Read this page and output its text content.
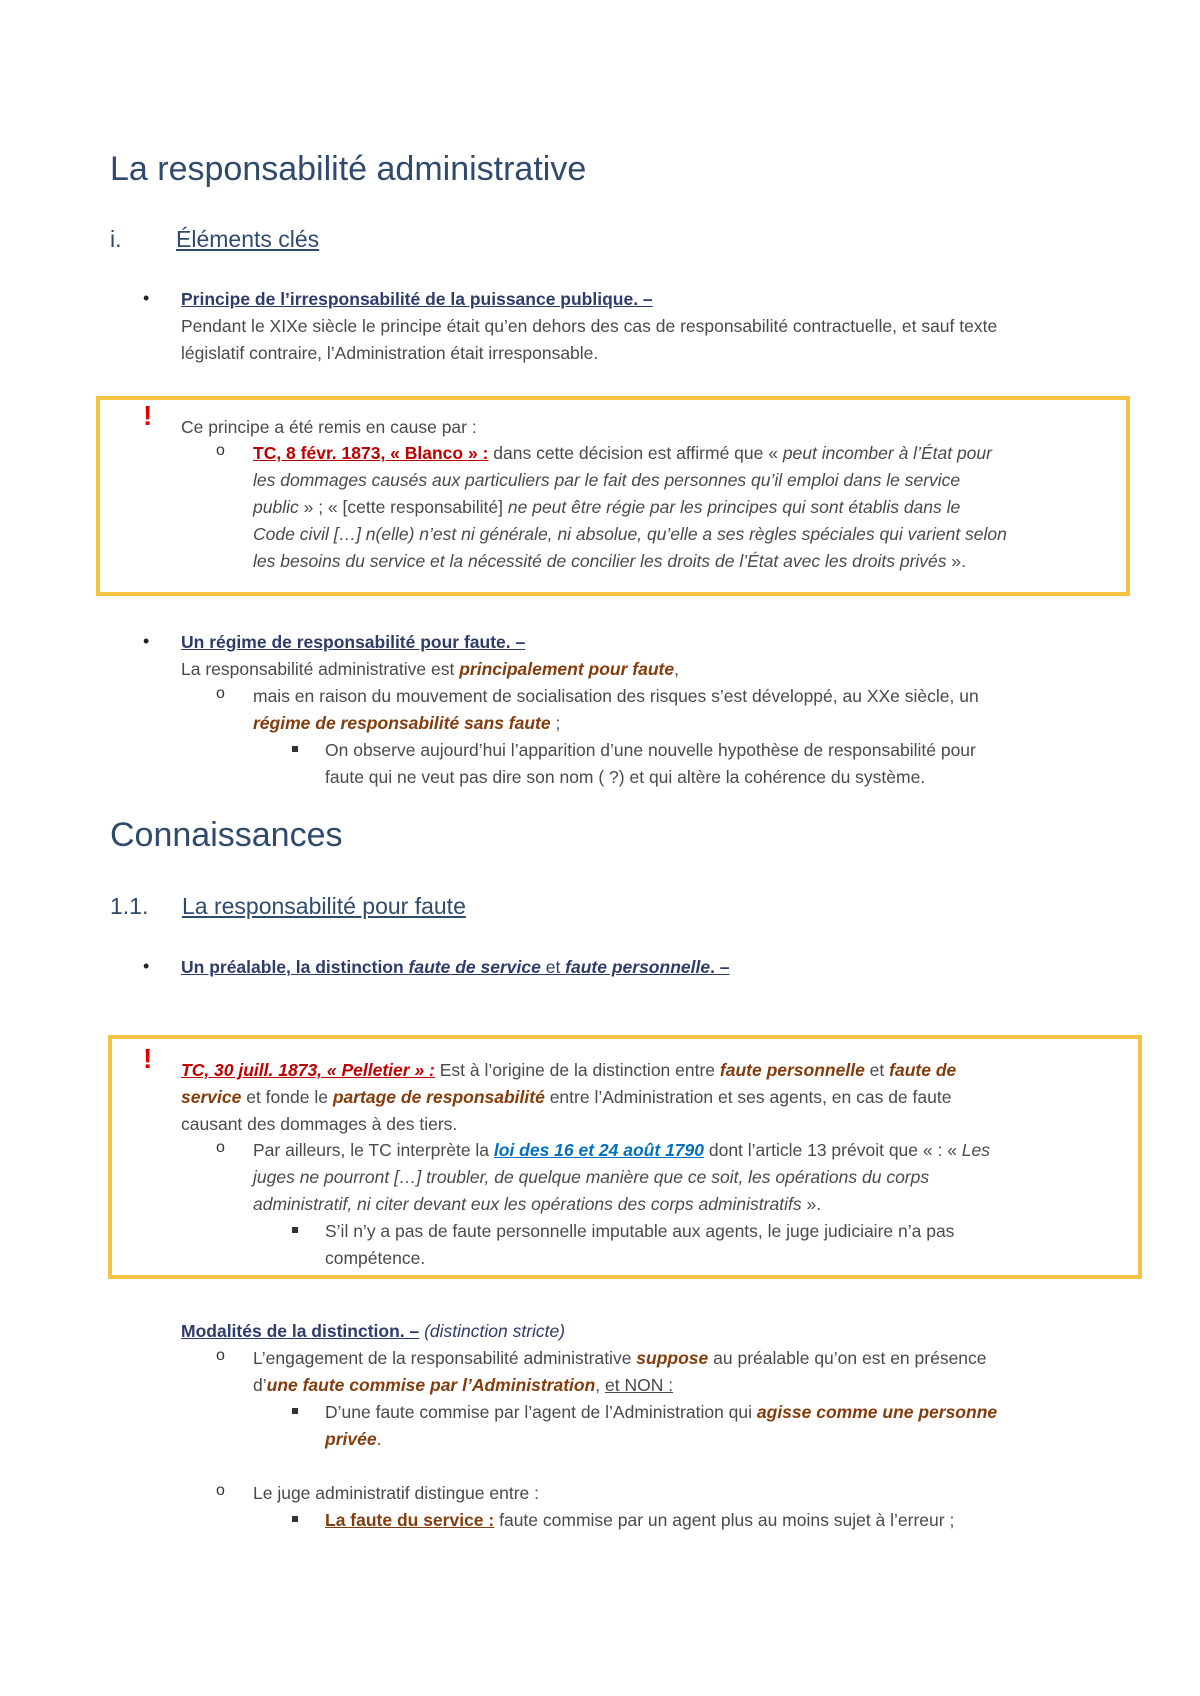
La responsabilité administrative
i. Éléments clés
• Principe de l’irresponsabilité de la puissance publique. –
Pendant le XIXe siècle le principe était qu’en dehors des cas de responsabilité contractuelle, et sauf texte
législatif contraire, l’Administration était irresponsable.
! Ce principe a été remis en cause par :
o TC, 8 févr. 1873, « Blanco » : dans cette décision est affirmé que « peut incomber à l’État pour
les dommages causés aux particuliers par le fait des personnes qu’il emploi dans le service
public » ; « [cette responsabilité] ne peut être régie par les principes qui sont établis dans le
Code civil […] n(elle) n’est ni générale, ni absolue, qu’elle a ses règles spéciales qui varient selon
les besoins du service et la nécessité de concilier les droits de l’État avec les droits privés ».
• Un régime de responsabilité pour faute. –
La responsabilité administrative est principalement pour faute,
o mais en raison du mouvement de socialisation des risques s’est développé, au XXe siècle, un
régime de responsabilité sans faute ;
On observe aujourd’hui l’apparition d’une nouvelle hypothèse de responsabilité pour
faute qui ne veut pas dire son nom ( ?) et qui altère la cohérence du système.
Connaissances
1.1. La responsabilité pour faute
• Un préalable, la distinction faute de service et faute personnelle. –
! TC, 30 juill. 1873, « Pelletier » : Est à l’origine de la distinction entre faute personnelle et faute de
service et fonde le partage de responsabilité entre l’Administration et ses agents, en cas de faute
causant des dommages à des tiers.
o Par ailleurs, le TC interprète la loi des 16 et 24 août 1790 dont l’article 13 prévoit que « : « Les
juges ne pourront […] troubler, de quelque manière que ce soit, les opérations du corps
administratif, ni citer devant eux les opérations des corps administratifs ».
S’il n’y a pas de faute personnelle imputable aux agents, le juge judiciaire n’a pas
compétence.
Modalités de la distinction. – (distinction stricte)
o L’engagement de la responsabilité administrative suppose au préalable qu’on est en présence
d’une faute commise par l’Administration, et NON :
D’une faute commise par l’agent de l’Administration qui agisse comme une personne
privée.
o Le juge administratif distingue entre :
La faute du service : faute commise par un agent plus au moins sujet à l’erreur ;
